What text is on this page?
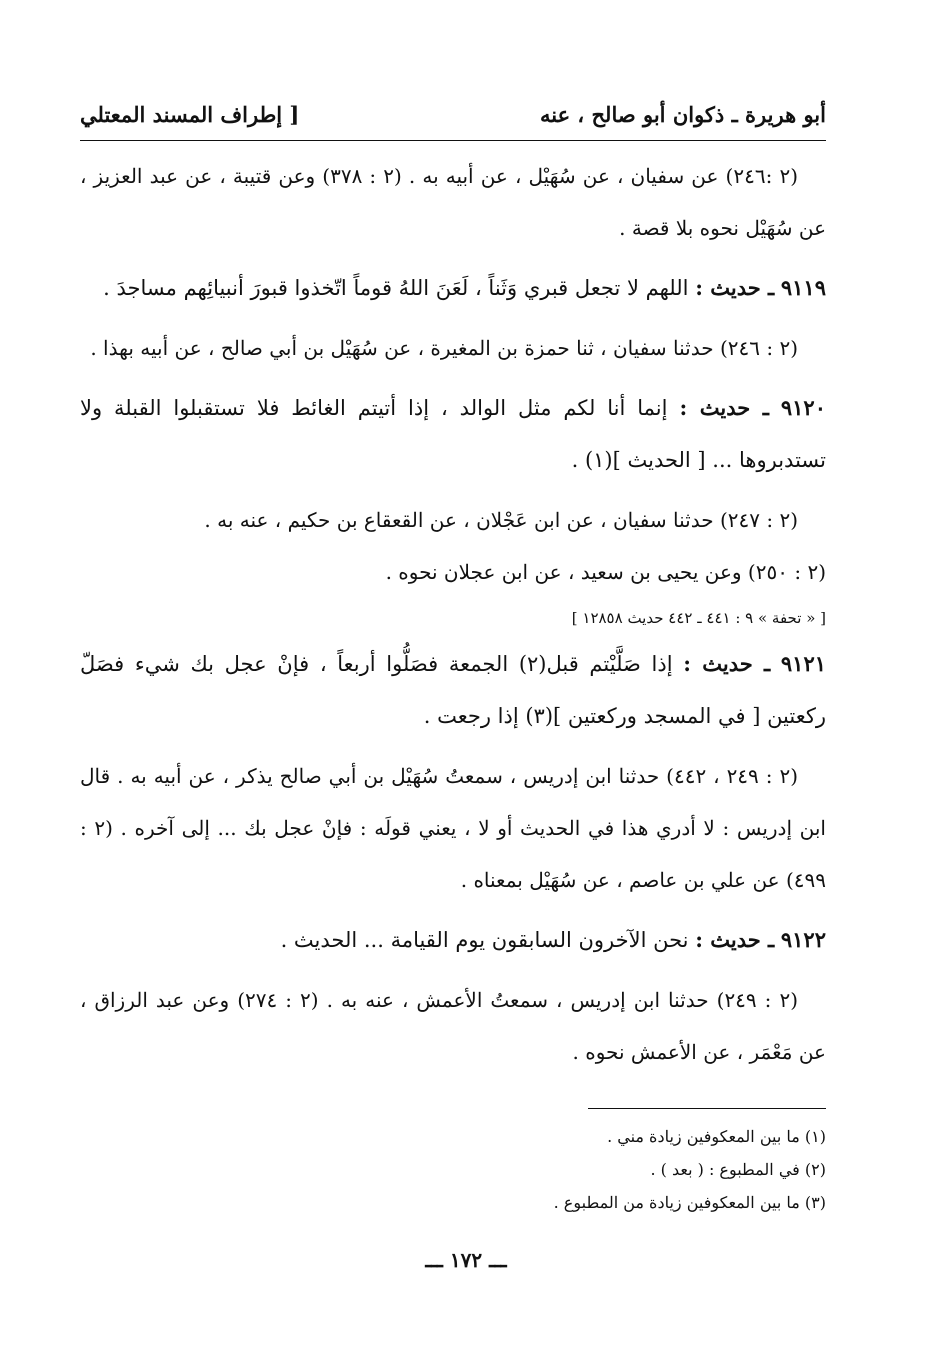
أبو هريرة ـ ذكوان أبو صالح ، عنه
[ إطراف المسند المعتلي

(٢ :٢٤٦) عن سفيان ، عن سُهَيْل ، عن أبيه به . (٢ : ٣٧٨) وعن قتيبة ، عن عبد العزيز ، عن سُهَيْل نحوه بلا قصة .

٩١١٩ ـ حديث : اللهم لا تجعل قبري وَثَناً ، لَعَنَ اللهُ قوماً اتّخذوا قبورَ أنبيائِهم مساجدَ .

(٢ : ٢٤٦) حدثنا سفيان ، ثنا حمزة بن المغيرة ، عن سُهَيْل بن أبي صالح ، عن أبيه بهذا .

٩١٢٠ ـ حديث : إنما أنا لكم مثل الوالد ، إذا أتيتم الغائط فلا تستقبلوا القبلة ولا تستدبروها ... [ الحديث ](١) .

(٢ : ٢٤٧) حدثنا سفيان ، عن ابن عَجْلان ، عن القعقاع بن حكيم ، عنه به .

(٢ : ٢٥٠) وعن يحيى بن سعيد ، عن ابن عجلان نحوه .

[ « تحفة » ٩ : ٤٤١ ـ ٤٤٢ حديث ١٢٨٥٨ ]

٩١٢١ ـ حديث : إذا صَلَّيْتم قبل(٢) الجمعة فصَلُّوا أربعاً ، فإنْ عجل بك شيء فصَلّ ركعتين [ في المسجد وركعتين ](٣) إذا رجعت .

(٢ : ٢٤٩ ، ٤٤٢) حدثنا ابن إدريس ، سمعتُ سُهَيْل بن أبي صالح يذكر ، عن أبيه به . قال ابن إدريس : لا أدري هذا في الحديث أو لا ، يعني قولَه : فإنْ عجل بك ... إلى آخره . (٢ : ٤٩٩) عن علي بن عاصم ، عن سُهَيْل بمعناه .

٩١٢٢ ـ حديث : نحن الآخرون السابقون يوم القيامة ... الحديث .

(٢ : ٢٤٩) حدثنا ابن إدريس ، سمعتُ الأعمش ، عنه به . (٢ : ٢٧٤) وعن عبد الرزاق ، عن مَعْمَر ، عن الأعمش نحوه .

(١) ما بين المعكوفين زيادة مني .

(٢) في المطبوع : ( بعد ) .

(٣) ما بين المعكوفين زيادة من المطبوع .

ـــ ١٧٢ ـــ
